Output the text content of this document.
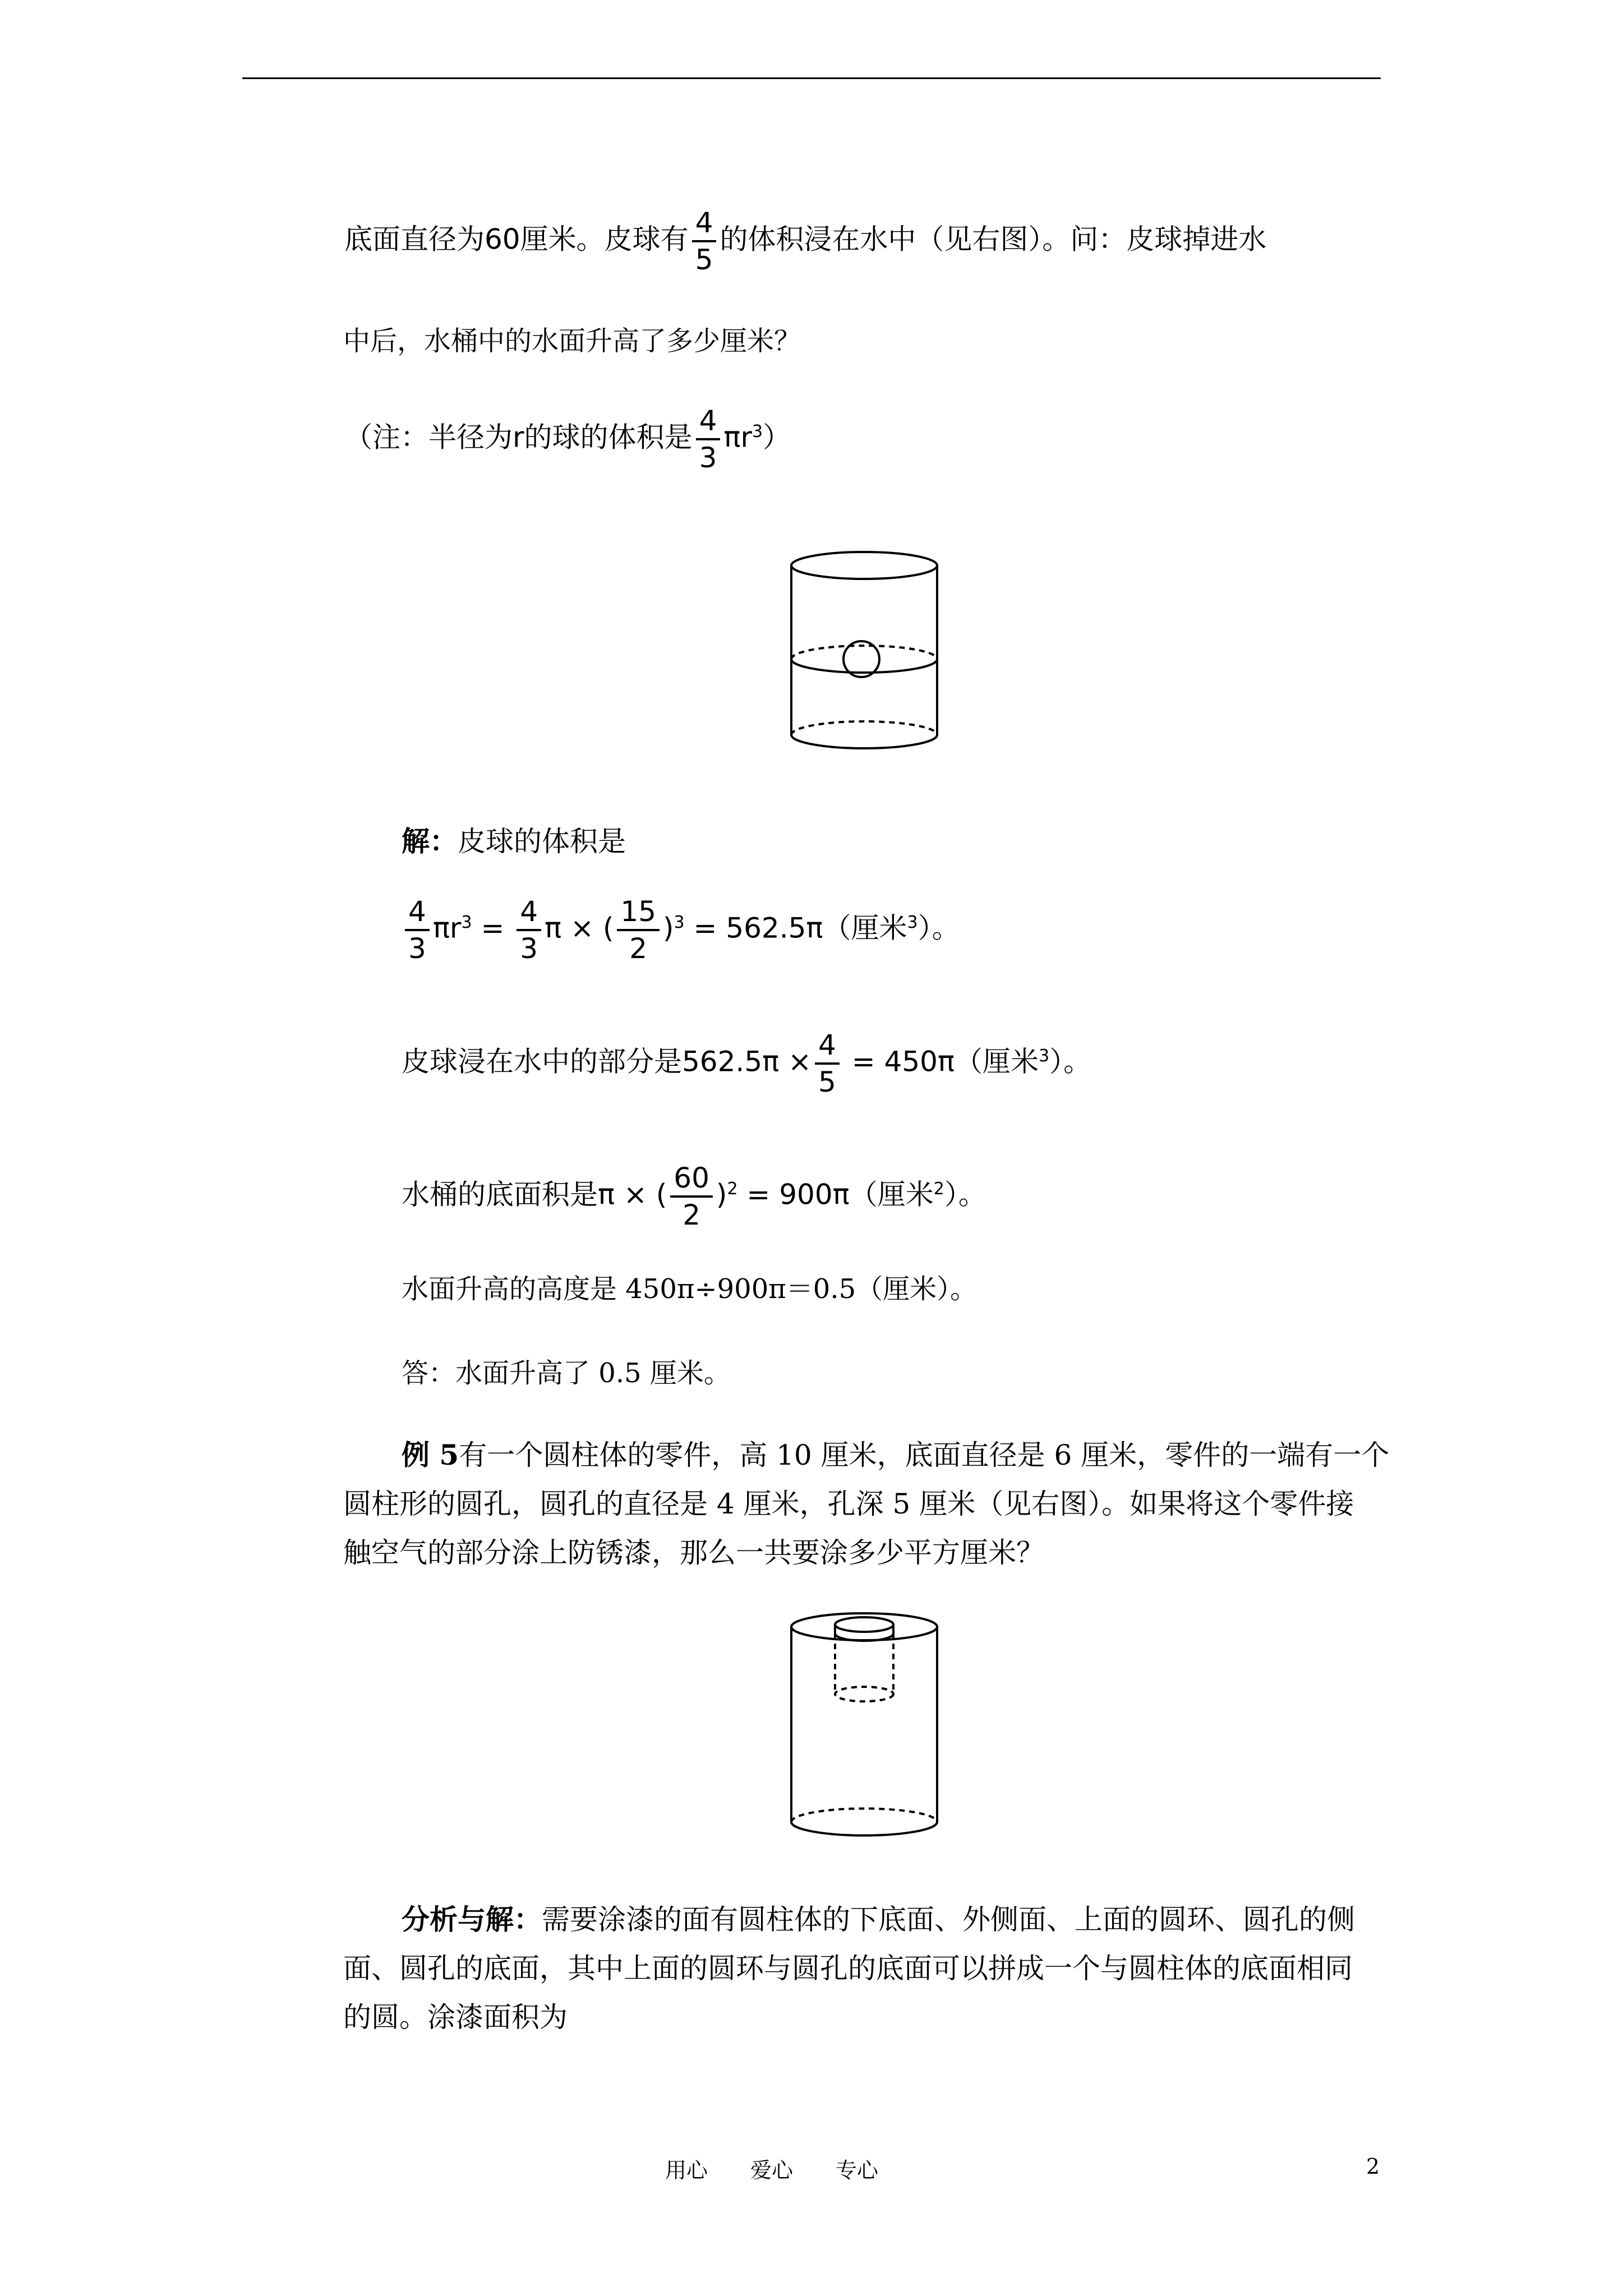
底面直径为60厘米。皮球有 $\frac{4}{5}$ 的体积浸在水中（见右图）。问：皮球掉进水
中后，水桶中的水面升高了多少厘米？
（注：半径为r的球的体积是 $\frac{4}{3} \pi r^3$）
解：皮球的体积是
$\frac{4}{3} \pi r^3 = \frac{4}{3}$ π × ( $\frac{15}{2} )^3 = 562.5\pi$（厘米$^3$）。
皮球浸在水中的部分是$562.5\pi \times \frac{4}{5} = 450\pi$（厘米$^3$）。
水桶的底面积是π × ( $\frac{60}{2} )^2 = 900\pi$（厘米$^2$）。
水面升高的高度是 450π÷900π＝0.5（厘米）。
答：水面升高了 0.5 厘米。
例 5有一个圆柱体的零件，高 10 厘米，底面直径是 6 厘米，零件的一端有一个
圆柱形的圆孔，圆孔的直径是 4 厘米，孔深 5 厘米（见右图）。如果将这个零件接
触空气的部分涂上防锈漆，那么一共要涂多少平方厘米？
分析与解：需要涂漆的面有圆柱体的下底面、外侧面、上面的圆环、圆孔的侧
面、圆孔的底面，其中上面的圆环与圆孔的底面可以拼成一个与圆柱体的底面相同
的圆。涂漆面积为
用心　　爱心　　专心	2
